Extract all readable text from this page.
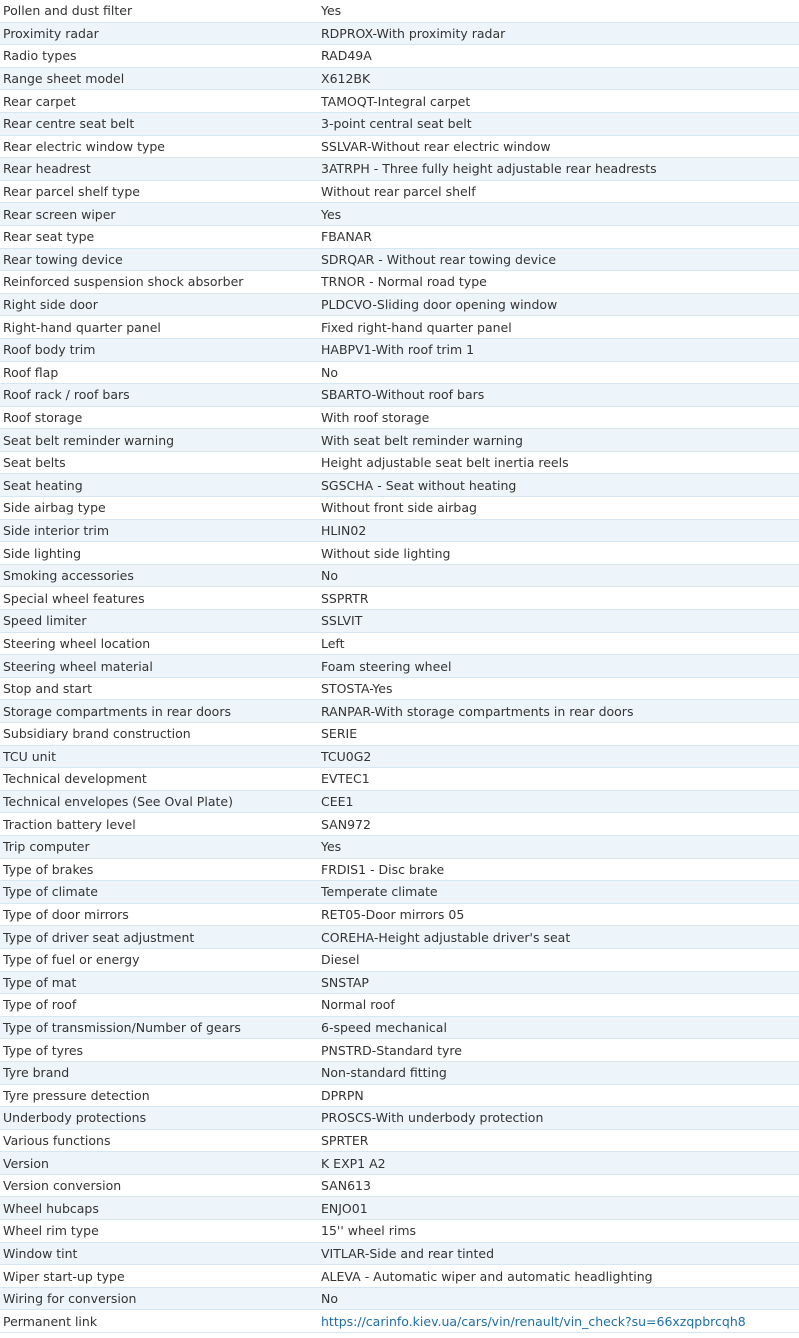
Pollen and dust filter	Yes
Proximity radar	RDPROX-With proximity radar
Radio types	RAD49A
Range sheet model	X612BK
Rear carpet	TAMOQT-Integral carpet
Rear centre seat belt	3-point central seat belt
Rear electric window type	SSLVAR-Without rear electric window
Rear headrest	3ATRPH - Three fully height adjustable rear headrests
Rear parcel shelf type	Without rear parcel shelf
Rear screen wiper	Yes
Rear seat type	FBANAR
Rear towing device	SDRQAR - Without rear towing device
Reinforced suspension shock absorber	TRNOR - Normal road type
Right side door	PLDCVO-Sliding door opening window
Right-hand quarter panel	Fixed right-hand quarter panel
Roof body trim	HABPV1-With roof trim 1
Roof flap	No
Roof rack / roof bars	SBARTO-Without roof bars
Roof storage	With roof storage
Seat belt reminder warning	With seat belt reminder warning
Seat belts	Height adjustable seat belt inertia reels
Seat heating	SGSCHA - Seat without heating
Side airbag type	Without front side airbag
Side interior trim	HLIN02
Side lighting	Without side lighting
Smoking accessories	No
Special wheel features	SSPRTR
Speed limiter	SSLVIT
Steering wheel location	Left
Steering wheel material	Foam steering wheel
Stop and start	STOSTA-Yes
Storage compartments in rear doors	RANPAR-With storage compartments in rear doors
Subsidiary brand construction	SERIE
TCU unit	TCU0G2
Technical development	EVTEC1
Technical envelopes (See Oval Plate)	CEE1
Traction battery level	SAN972
Trip computer	Yes
Type of brakes	FRDIS1 - Disc brake
Type of climate	Temperate climate
Type of door mirrors	RET05-Door mirrors 05
Type of driver seat adjustment	COREHA-Height adjustable driver's seat
Type of fuel or energy	Diesel
Type of mat	SNSTAP
Type of roof	Normal roof
Type of transmission/Number of gears	6-speed mechanical
Type of tyres	PNSTRD-Standard tyre
Tyre brand	Non-standard fitting
Tyre pressure detection	DPRPN
Underbody protections	PROSCS-With underbody protection
Various functions	SPRTER
Version	K EXP1 A2
Version conversion	SAN613
Wheel hubcaps	ENJO01
Wheel rim type	15'' wheel rims
Window tint	VITLAR-Side and rear tinted
Wiper start-up type	ALEVA - Automatic wiper and automatic headlighting
Wiring for conversion	No
Permanent link	https://carinfo.kiev.ua/cars/vin/renault/vin_check?su=66xzqpbrcqh8
